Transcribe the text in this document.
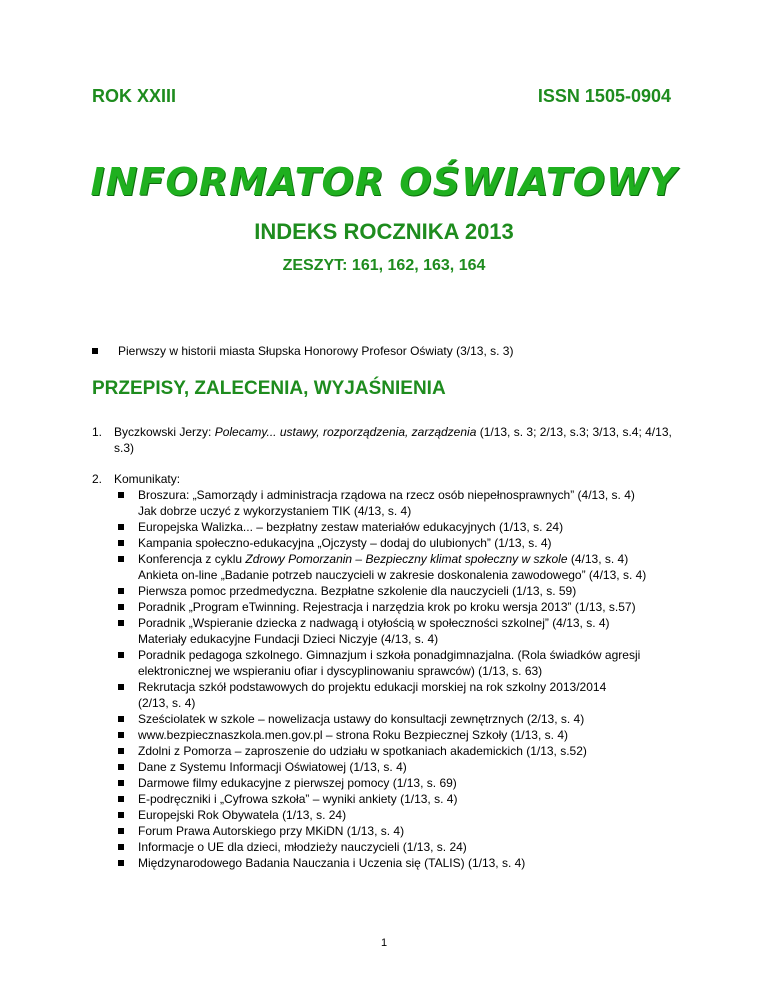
ROK XXIII	ISSN 1505-0904
INFORMATOR OŚWIATOWY
INDEKS ROCZNIKA 2013
ZESZYT: 161, 162, 163, 164
Pierwszy w historii miasta Słupska Honorowy Profesor Oświaty (3/13, s. 3)
PRZEPISY, ZALECENIA, WYJAŚNIENIA
1. Byczkowski Jerzy: Polecamy... ustawy, rozporządzenia, zarządzenia (1/13, s. 3; 2/13, s.3; 3/13, s.4; 4/13, s.3)
2. Komunikaty:
Broszura: „Samorządy i administracja rządowa na rzecz osób niepełnosprawnych” (4/13, s. 4)
Jak dobrze uczyć z wykorzystaniem TIK (4/13, s. 4)
Europejska Walizka... – bezpłatny zestaw materiałów edukacyjnych (1/13, s. 24)
Kampania społeczno-edukacyjna „Ojczysty – dodaj do ulubionych” (1/13, s. 4)
Konferencja z cyklu Zdrowy Pomorzanin – Bezpieczny klimat społeczny w szkole (4/13, s. 4)
Ankieta on-line „Badanie potrzeb nauczycieli w zakresie doskonalenia zawodowego” (4/13, s. 4)
Pierwsza pomoc przedmedyczna. Bezpłatne szkolenie dla nauczycieli (1/13, s. 59)
Poradnik „Program eTwinning. Rejestracja i narzędzia krok po kroku wersja 2013” (1/13, s.57)
Poradnik „Wspieranie dziecka z nadwagą i otyłością w społeczności szkolnej” (4/13, s. 4)
Materiały edukacyjne Fundacji Dzieci Niczyje (4/13, s. 4)
Poradnik pedagoga szkolnego. Gimnazjum i szkoła ponadgimnazjalna. (Rola świadków agresji
elektronicznej we wspieraniu ofiar i dyscyplinowaniu sprawców) (1/13, s. 63)
Rekrutacja szkół podstawowych do projektu edukacji morskiej na rok szkolny 2013/2014
(2/13, s. 4)
Sześciolatek w szkole – nowelizacja ustawy do konsultacji zewnętrznych (2/13, s. 4)
www.bezpiecznaszkola.men.gov.pl – strona Roku Bezpiecznej Szkoły (1/13, s. 4)
Zdolni z Pomorza – zaproszenie do udziału w spotkaniach akademickich (1/13, s.52)
Dane z Systemu Informacji Oświatowej (1/13, s. 4)
Darmowe filmy edukacyjne z pierwszej pomocy (1/13, s. 69)
E-podręczniki i „Cyfrowa szkoła” – wyniki ankiety (1/13, s. 4)
Europejski Rok Obywatela (1/13, s. 24)
Forum Prawa Autorskiego przy MKiDN (1/13, s. 4)
Informacje o UE dla dzieci, młodzieży nauczycieli (1/13, s. 24)
Międzynarodowego Badania Nauczania i Uczenia się (TALIS) (1/13, s. 4)
1
